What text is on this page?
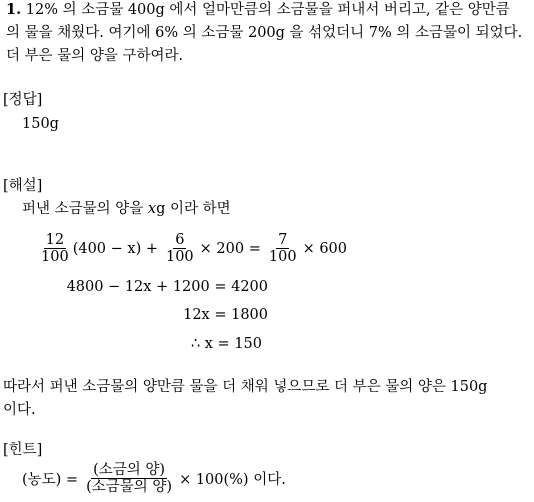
1. 12% 의 소금물 400g 에서 얼마만큼의 소금물을 퍼내서 버리고, 같은 양만큼
의 물을 채웠다. 여기에 6% 의 소금물 200g 을 섞었더니 7% 의 소금물이 되었다.
더 부은 물의 양을 구하여라.
[정답]
150g
[해설]
퍼낸 소금물의 양을 xg 이라 하면
$\frac{12}{100} (400 - x) + \frac{6}{100} \times 200 = \frac{7}{100} \times 600$
4800 − 12x + 1200 = 4200
12x = 1800
∴ x = 150
따라서 퍼낸 소금물의 양만큼 물을 더 채워 넣으므로 더 부은 물의 양은 150g
이다.
[힌트]
(농도) = $\frac{\text{(소금의 양)}}{\text{(소금물의 양)}} \times 100(\%)$ 이다.
